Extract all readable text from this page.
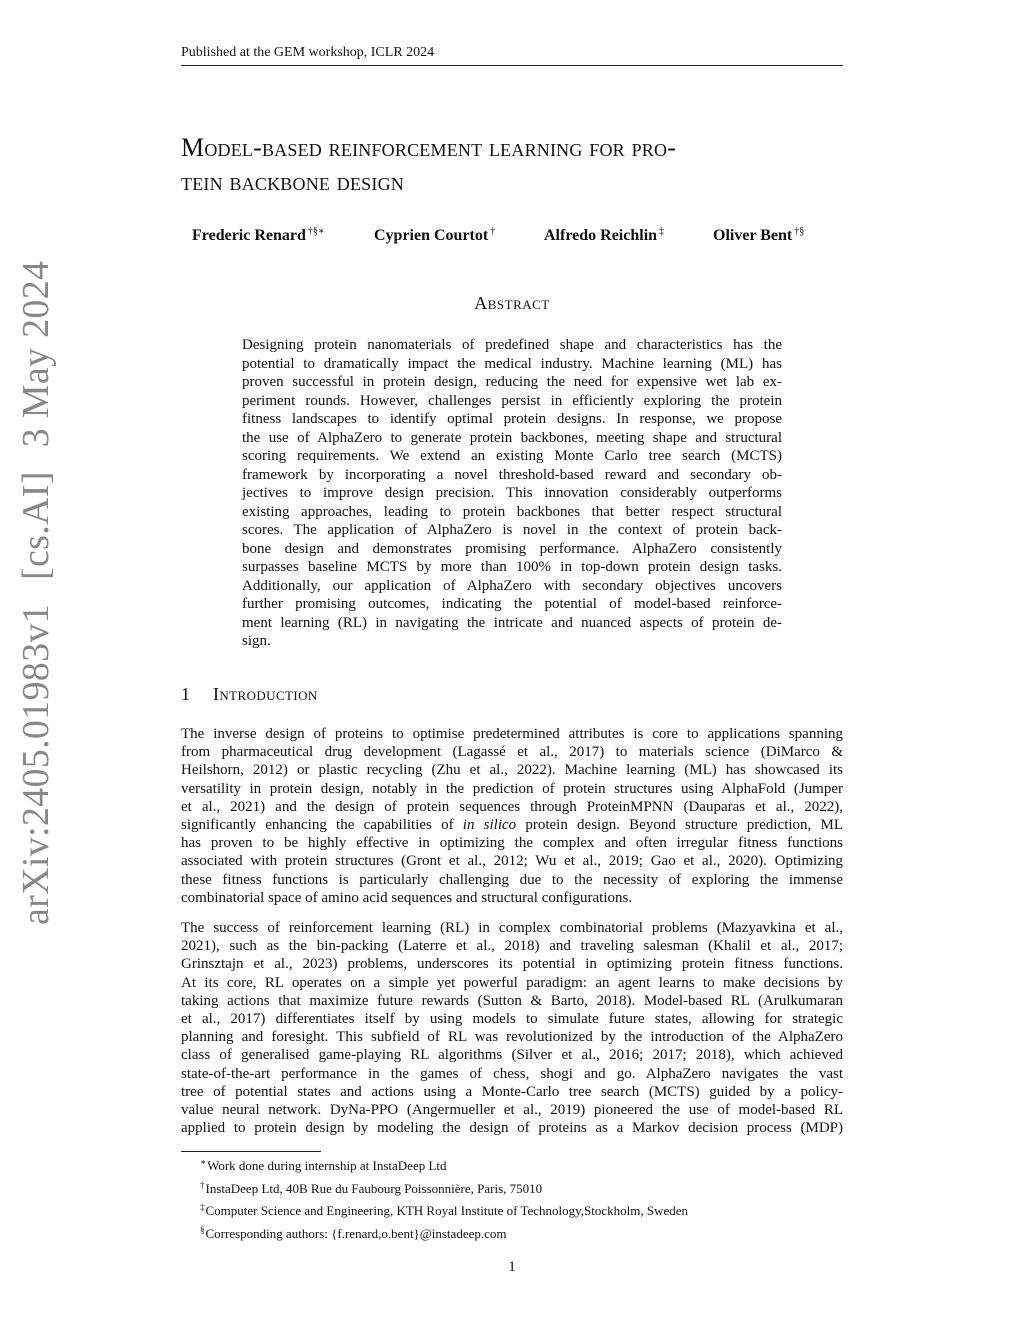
arXiv:2405.01983v1[cs.AI]3 May 2024
Published at the GEM workshop, ICLR 2024
Model-based reinforcement learning for pro-
tein backbone design
Frederic Renard †§∗	Cyprien Courtot †	Alfredo Reichlin ‡	Oliver Bent †§
Abstract
Designing protein nanomaterials of predefined shape and characteristics has the
potential to dramatically impact the medical industry. Machine learning (ML) has
proven successful in protein design, reducing the need for expensive wet lab ex-
periment rounds. However, challenges persist in efficiently exploring the protein
fitness landscapes to identify optimal protein designs. In response, we propose
the use of AlphaZero to generate protein backbones, meeting shape and structural
scoring requirements. We extend an existing Monte Carlo tree search (MCTS)
framework by incorporating a novel threshold-based reward and secondary ob-
jectives to improve design precision. This innovation considerably outperforms
existing approaches, leading to protein backbones that better respect structural
scores. The application of AlphaZero is novel in the context of protein back-
bone design and demonstrates promising performance. AlphaZero consistently
surpasses baseline MCTS by more than 100% in top-down protein design tasks.
Additionally, our application of AlphaZero with secondary objectives uncovers
further promising outcomes, indicating the potential of model-based reinforce-
ment learning (RL) in navigating the intricate and nuanced aspects of protein de-
sign.
1 Introduction
The inverse design of proteins to optimise predetermined attributes is core to applications spanning
from pharmaceutical drug development (Lagassé et al., 2017) to materials science (DiMarco &
Heilshorn, 2012) or plastic recycling (Zhu et al., 2022). Machine learning (ML) has showcased its
versatility in protein design, notably in the prediction of protein structures using AlphaFold (Jumper
et al., 2021) and the design of protein sequences through ProteinMPNN (Dauparas et al., 2022),
significantly enhancing the capabilities of in silico protein design. Beyond structure prediction, ML
has proven to be highly effective in optimizing the complex and often irregular fitness functions
associated with protein structures (Gront et al., 2012; Wu et al., 2019; Gao et al., 2020). Optimizing
these fitness functions is particularly challenging due to the necessity of exploring the immense
combinatorial space of amino acid sequences and structural configurations.
The success of reinforcement learning (RL) in complex combinatorial problems (Mazyavkina et al.,
2021), such as the bin-packing (Laterre et al., 2018) and traveling salesman (Khalil et al., 2017;
Grinsztajn et al., 2023) problems, underscores its potential in optimizing protein fitness functions.
At its core, RL operates on a simple yet powerful paradigm: an agent learns to make decisions by
taking actions that maximize future rewards (Sutton & Barto, 2018). Model-based RL (Arulkumaran
et al., 2017) differentiates itself by using models to simulate future states, allowing for strategic
planning and foresight. This subfield of RL was revolutionized by the introduction of the AlphaZero
class of generalised game-playing RL algorithms (Silver et al., 2016; 2017; 2018), which achieved
state-of-the-art performance in the games of chess, shogi and go. AlphaZero navigates the vast
tree of potential states and actions using a Monte-Carlo tree search (MCTS) guided by a policy-
value neural network. DyNa-PPO (Angermueller et al., 2019) pioneered the use of model-based RL
applied to protein design by modeling the design of proteins as a Markov decision process (MDP)
∗Work done during internship at InstaDeep Ltd
†InstaDeep Ltd, 40B Rue du Faubourg Poissonnière, Paris, 75010
‡Computer Science and Engineering, KTH Royal Institute of Technology,Stockholm, Sweden
§Corresponding authors: {f.renard,o.bent}@instadeep.com
1
